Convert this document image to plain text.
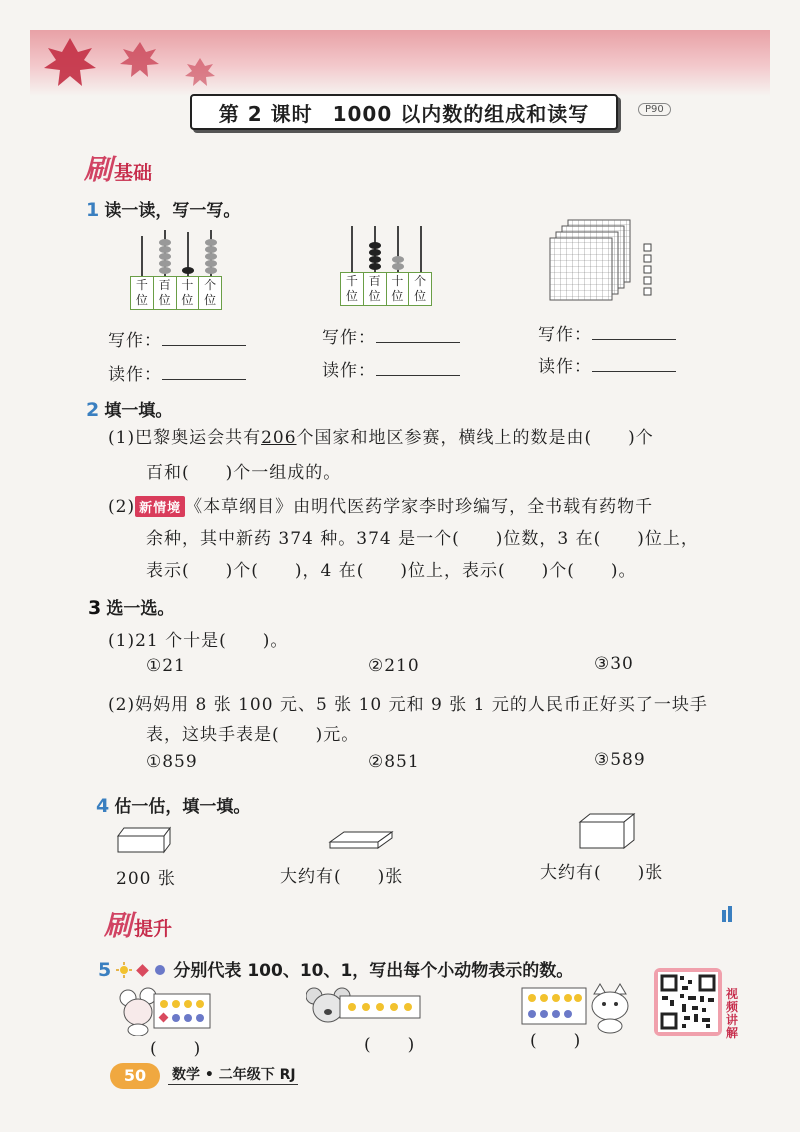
第 2 课时 1000 以内数的组成和读写	P90
刷 基础
1 读一读，写一写。
千
位
百
位
十
位
个
位
千
位
百
位
十
位
个
位
写作：
读作：
写作：
读作：
写作：
读作：
2 填一填。
(1)巴黎奥运会共有206个国家和地区参赛，横线上的数是由(　　)个
百和(　　)个一组成的。
(2) 新情境 《本草纲目》由明代医药学家李时珍编写，全书载有药物千
余种，其中新药 374 种。374 是一个(　　)位数，3 在(　　)位上，
表示(　　)个(　　)，4 在(　　)位上，表示(　　)个(　　)。
3 选一选。
(1)21 个十是(　　)。
①21	②210	③30
(2)妈妈用 8 张 100 元、5 张 10 元和 9 张 1 元的人民币正好买了一块手
表，这块手表是(　　)元。
①859	②851	③589
4 估一估，填一填。
200 张	大约有(　　)张	大约有(　　)张
刷 提升
5	分别代表 100、10、1，写出每个小动物表示的数。
(　　)	(　　)	(　　)
视频讲解
50	数学 • 二年级下 RJ
